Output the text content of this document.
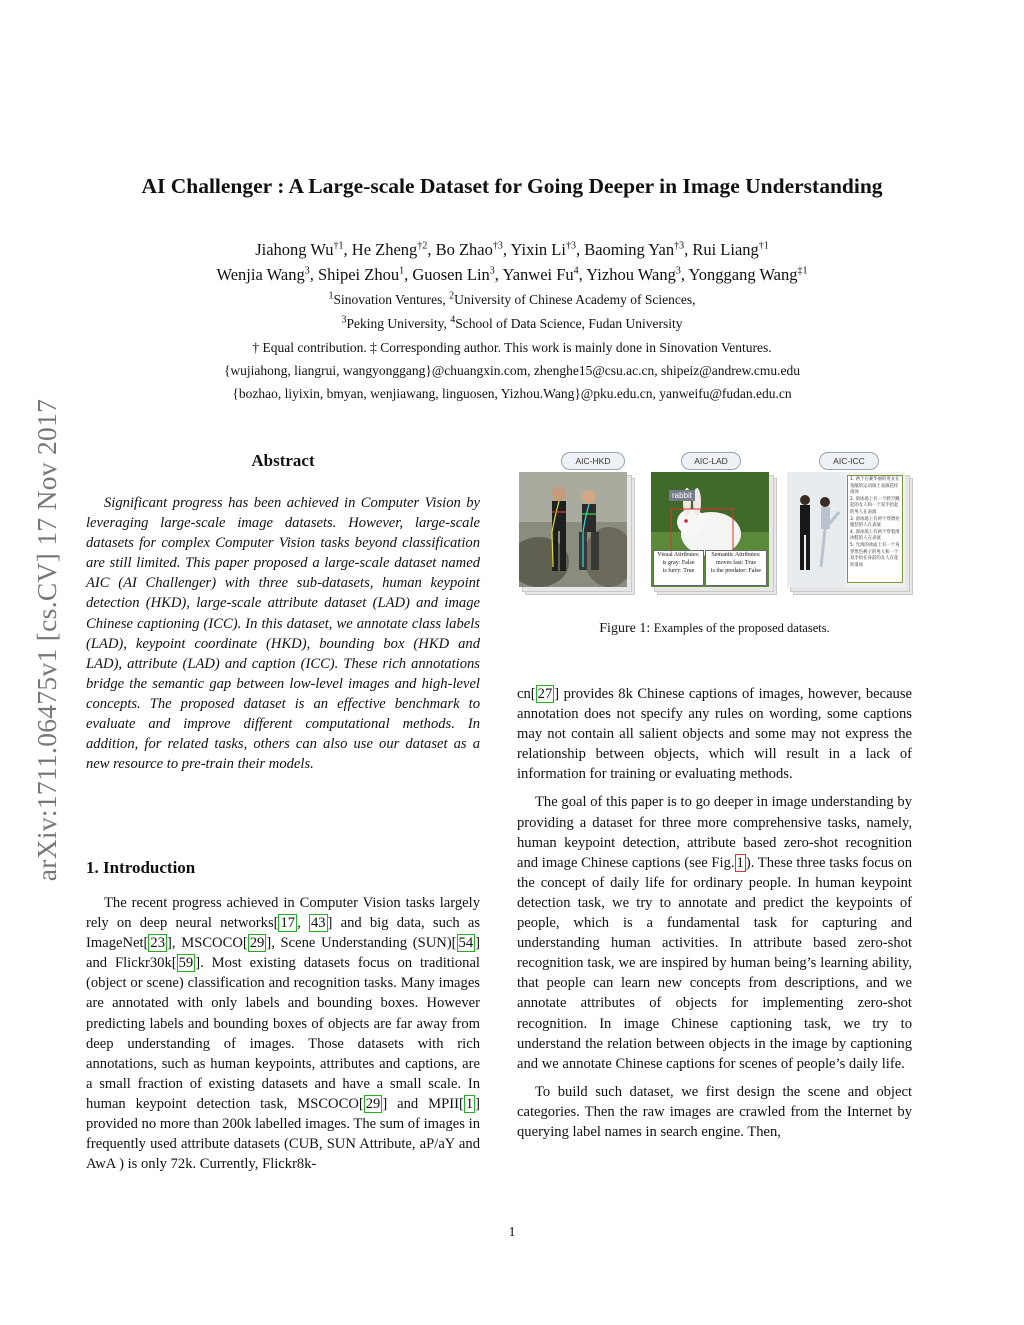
arXiv:1711.06475v1 [cs.CV] 17 Nov 2017
AI Challenger : A Large-scale Dataset for Going Deeper in Image Understanding
Jiahong Wu$^{\dagger 1}$, He Zheng$^{\dagger 2}$, Bo Zhao$^{\dagger 3}$, Yixin Li$^{\dagger 3}$, Baoming Yan$^{\dagger 3}$, Rui Liang$^{\dagger 1}$
Wenjia Wang$^3$, Shipei Zhou$^1$, Guosen Lin$^3$, Yanwei Fu$^4$, Yizhou Wang$^3$, Yonggang Wang$^{\ddagger 1}$
$^1$Sinovation Ventures, $^2$University of Chinese Academy of Sciences,
$^3$Peking University, $^4$School of Data Science, Fudan University
† Equal contribution. ‡ Corresponding author. This work is mainly done in Sinovation Ventures.
{wujiahong, liangrui, wangyonggang}@chuangxin.com, zhenghe15@csu.ac.cn, shipeiz@andrew.cmu.edu
{bozhao, liyixin, bmyan, wenjiawang, linguosen, Yizhou.Wang}@pku.edu.cn, yanweifu@fudan.edu.cn
Abstract

Significant progress has been achieved in Computer Vision by leveraging large-scale image datasets. However, large-scale datasets for complex Computer Vision tasks beyond classification are still limited. This paper proposed a large-scale dataset named AIC (AI Challenger) with three sub-datasets, human keypoint detection (HKD), large-scale attribute dataset (LAD) and image Chinese captioning (ICC). In this dataset, we annotate class labels (LAD), keypoint coordinate (HKD), bounding box (HKD and LAD), attribute (LAD) and caption (ICC). These rich annotations bridge the semantic gap between low-level images and high-level concepts. The proposed dataset is an effective benchmark to evaluate and improve different computational methods. In addition, for related tasks, others can also use our dataset as a new resource to pre-train their models.

1. Introduction

The recent progress achieved in Computer Vision tasks largely rely on deep neural networks[ 17 , 43 ] and big data, such as ImageNet[ 23 ], MSCOCO[ 29 ], Scene Understanding (SUN)[ 54 ] and Flickr30k[ 59 ]. Most existing datasets focus on traditional (object or scene) classification and recognition tasks. Many images are annotated with only labels and bounding boxes. However predicting labels and bounding boxes of objects are far away from deep understanding of images. Those datasets with rich annotations, such as human keypoints, attributes and captions, are a small fraction of existing datasets and have a small scale. In human keypoint detection task, MSCOCO[ 29 ] and MPII[ 1 ] provided no more than 200k labelled images. The sum of images in frequently used attribute datasets (CUB, SUN Attribute, aP/aY and AwA ) is only 72k. Currently, Flickr8k-

AIC-HKD	AIC-LAD
rabbit
Visual Attributes:
is gray: False
is furry: True
Semantic Attributes:
moves fast: True
is the predator: False
AIC-ICC
1. 两个在赛华丽的男女在宽敞的运动场上表演花样滑冰
2. 滑冰场上有一个跨空跳起的女人和一个双手抬起的男人在表演
3. 滑冰场上有两个穿漂亮服装的人在表演
4. 滑冰场上有两个穿着滑冰鞋的人在表演
5. 光滑的冰面上有一个身穿黑色裤子的男人和一个双手抬在身前的女人在花样滑冰
Figure 1: Examples of the proposed datasets.

cn[ 27 ] provides 8k Chinese captions of images, however, because annotation does not specify any rules on wording, some captions may not contain all salient objects and some may not express the relationship between objects, which will result in a lack of information for training or evaluating methods.

The goal of this paper is to go deeper in image understanding by providing a dataset for three more comprehensive tasks, namely, human keypoint detection, attribute based zero-shot recognition and image Chinese captions (see Fig. 1 ). These three tasks focus on the concept of daily life for ordinary people. In human keypoint detection task, we try to annotate and predict the keypoints of people, which is a fundamental task for capturing and understanding human activities. In attribute based zero-shot recognition task, we are inspired by human being’s learning ability, that people can learn new concepts from descriptions, and we annotate attributes of objects for implementing zero-shot recognition. In image Chinese captioning task, we try to understand the relation between objects in the image by captioning and we annotate Chinese captions for scenes of people’s daily life.

To build such dataset, we first design the scene and object categories. Then the raw images are crawled from the Internet by querying label names in search engine. Then,

1
